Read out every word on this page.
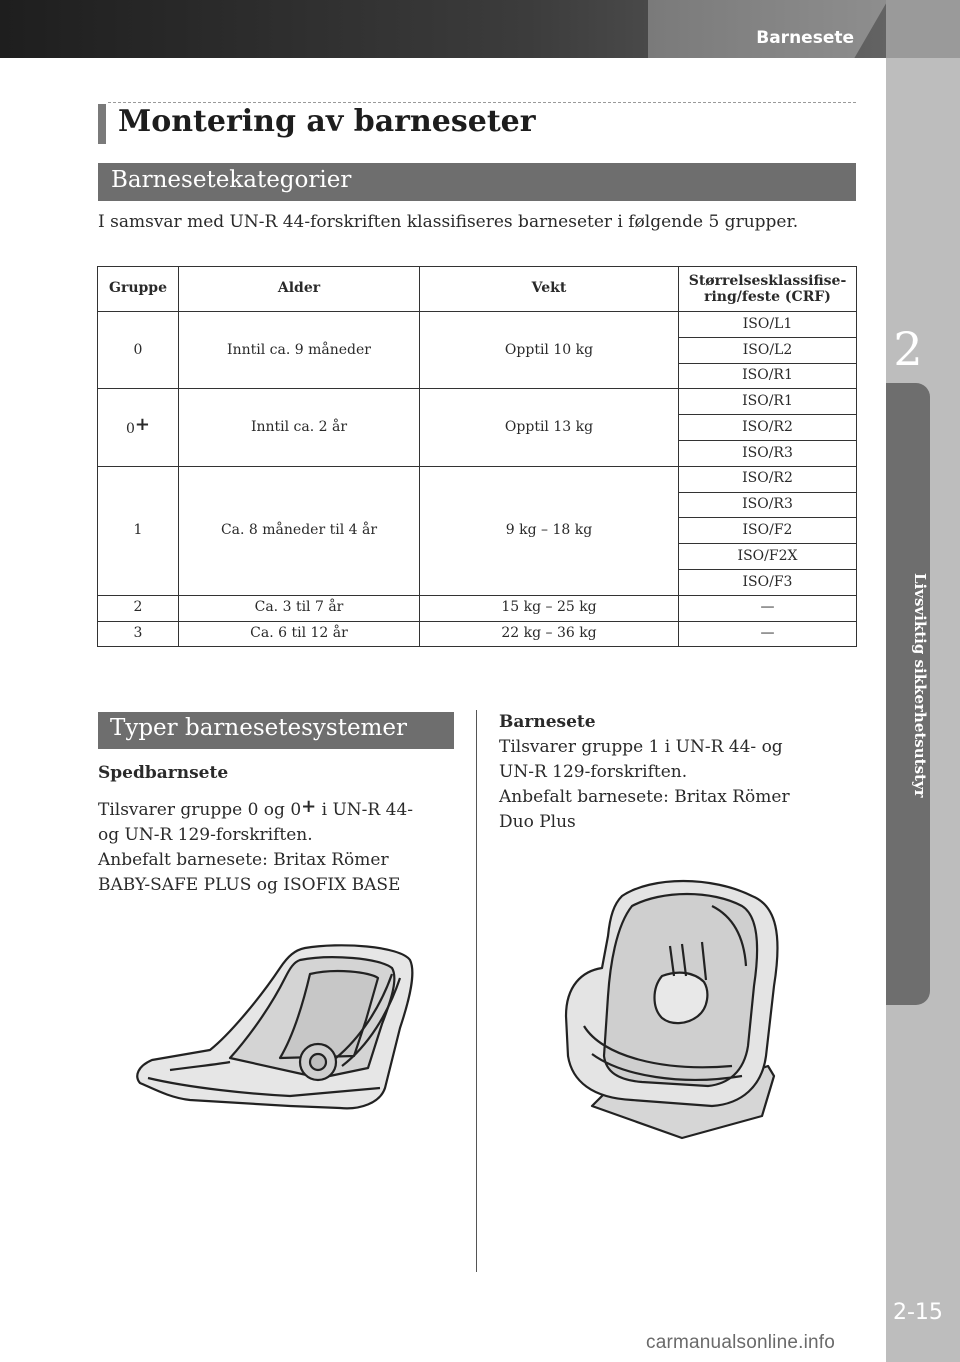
Barnesete
2
Livsviktig sikkerhetsutstyr
2-15
Montering av barneseter
Barnesetekategorier
I samsvar med UN-R 44-forskriften klassifiseres barneseter i følgende 5 grupper.
Gruppe	Alder	Vekt	Størrelsesklassifise-
ring/feste (CRF)
0	Inntil ca. 9 måneder	Opptil 10 kg	ISO/L1
			ISO/L2
			ISO/R1
0+	Inntil ca. 2 år	Opptil 13 kg	ISO/R1
			ISO/R2
			ISO/R3
1	Ca. 8 måneder til 4 år	9 kg – 18 kg	ISO/R2
			ISO/R3
			ISO/F2
			ISO/F2X
			ISO/F3
2	Ca. 3 til 7 år	15 kg – 25 kg	—
3	Ca. 6 til 12 år	22 kg – 36 kg	—
Typer barnesetesystemer
Spedbarnsete
Tilsvarer gruppe 0 og 0+ i UN-R 44-
og UN-R 129-forskriften.
Anbefalt barnesete: Britax Römer
BABY-SAFE PLUS og ISOFIX BASE
Barnesete
Tilsvarer gruppe 1 i UN-R 44- og
UN-R 129-forskriften.
Anbefalt barnesete: Britax Römer
Duo Plus
carmanualsonline.info
